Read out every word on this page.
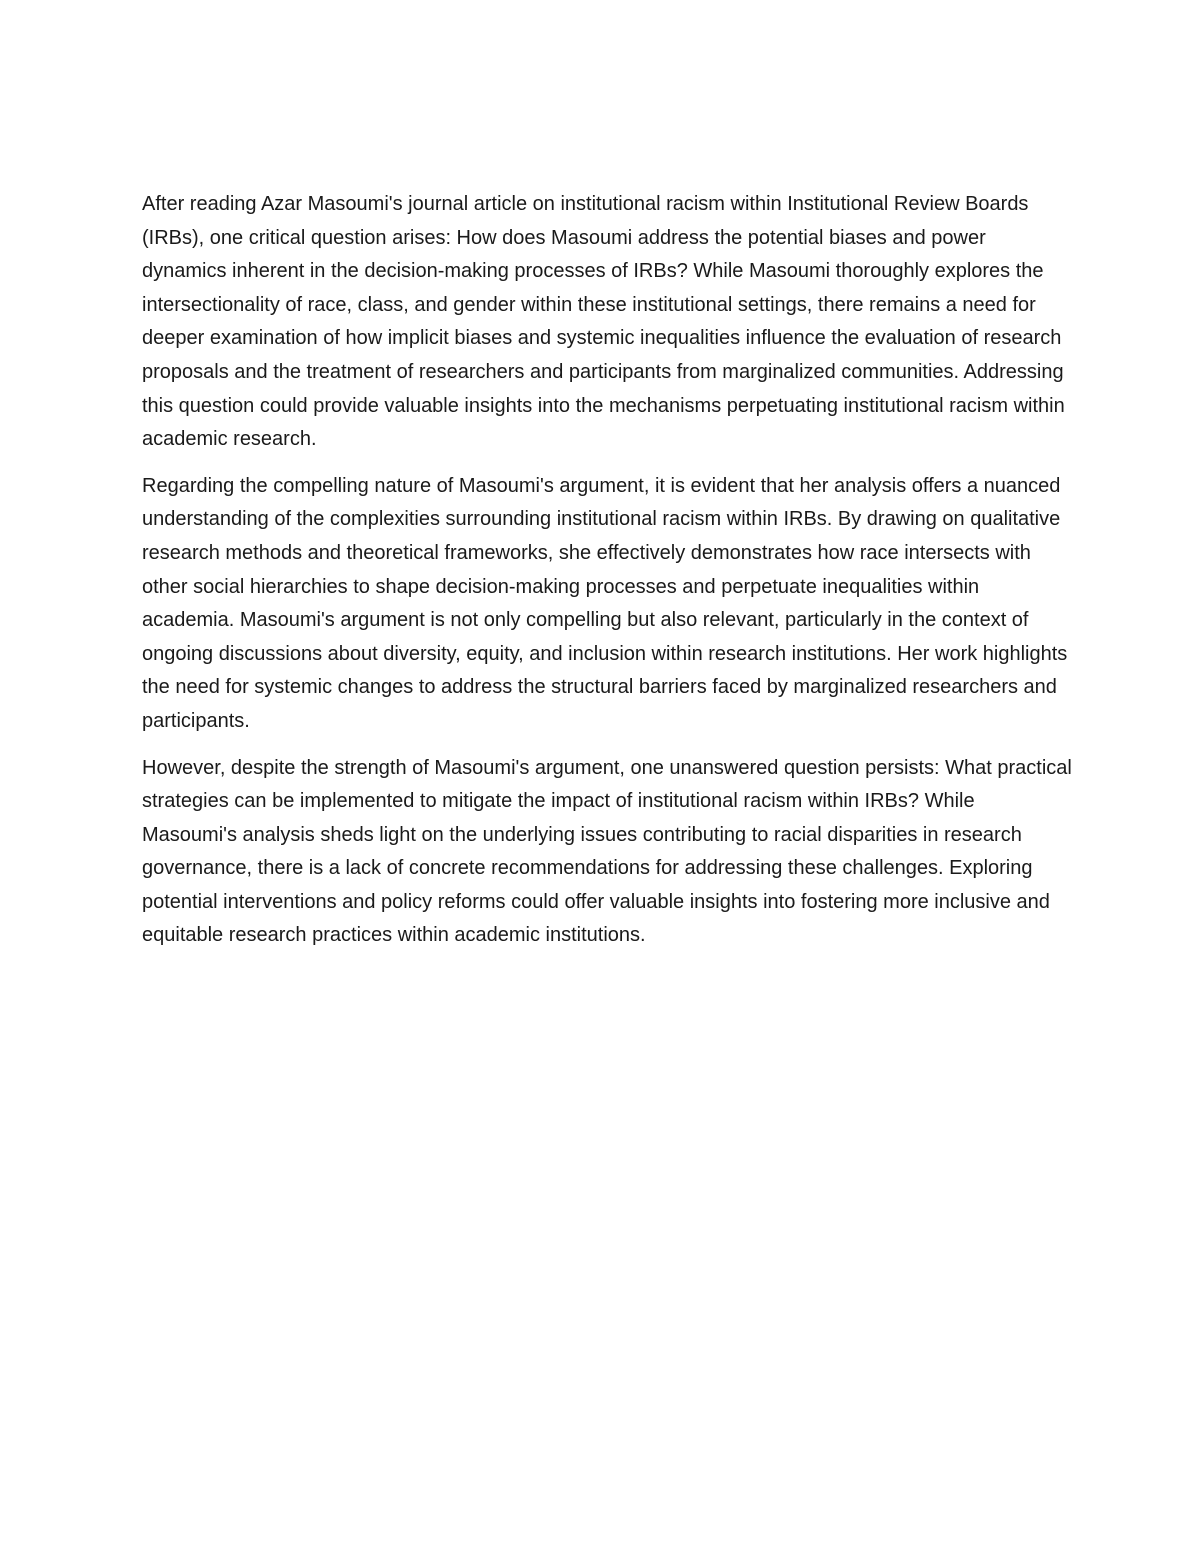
After reading Azar Masoumi's journal article on institutional racism within Institutional Review Boards (IRBs), one critical question arises: How does Masoumi address the potential biases and power dynamics inherent in the decision-making processes of IRBs? While Masoumi thoroughly explores the intersectionality of race, class, and gender within these institutional settings, there remains a need for deeper examination of how implicit biases and systemic inequalities influence the evaluation of research proposals and the treatment of researchers and participants from marginalized communities. Addressing this question could provide valuable insights into the mechanisms perpetuating institutional racism within academic research.

Regarding the compelling nature of Masoumi's argument, it is evident that her analysis offers a nuanced understanding of the complexities surrounding institutional racism within IRBs. By drawing on qualitative research methods and theoretical frameworks, she effectively demonstrates how race intersects with other social hierarchies to shape decision-making processes and perpetuate inequalities within academia. Masoumi's argument is not only compelling but also relevant, particularly in the context of ongoing discussions about diversity, equity, and inclusion within research institutions. Her work highlights the need for systemic changes to address the structural barriers faced by marginalized researchers and participants.

However, despite the strength of Masoumi's argument, one unanswered question persists: What practical strategies can be implemented to mitigate the impact of institutional racism within IRBs? While Masoumi's analysis sheds light on the underlying issues contributing to racial disparities in research governance, there is a lack of concrete recommendations for addressing these challenges. Exploring potential interventions and policy reforms could offer valuable insights into fostering more inclusive and equitable research practices within academic institutions.
